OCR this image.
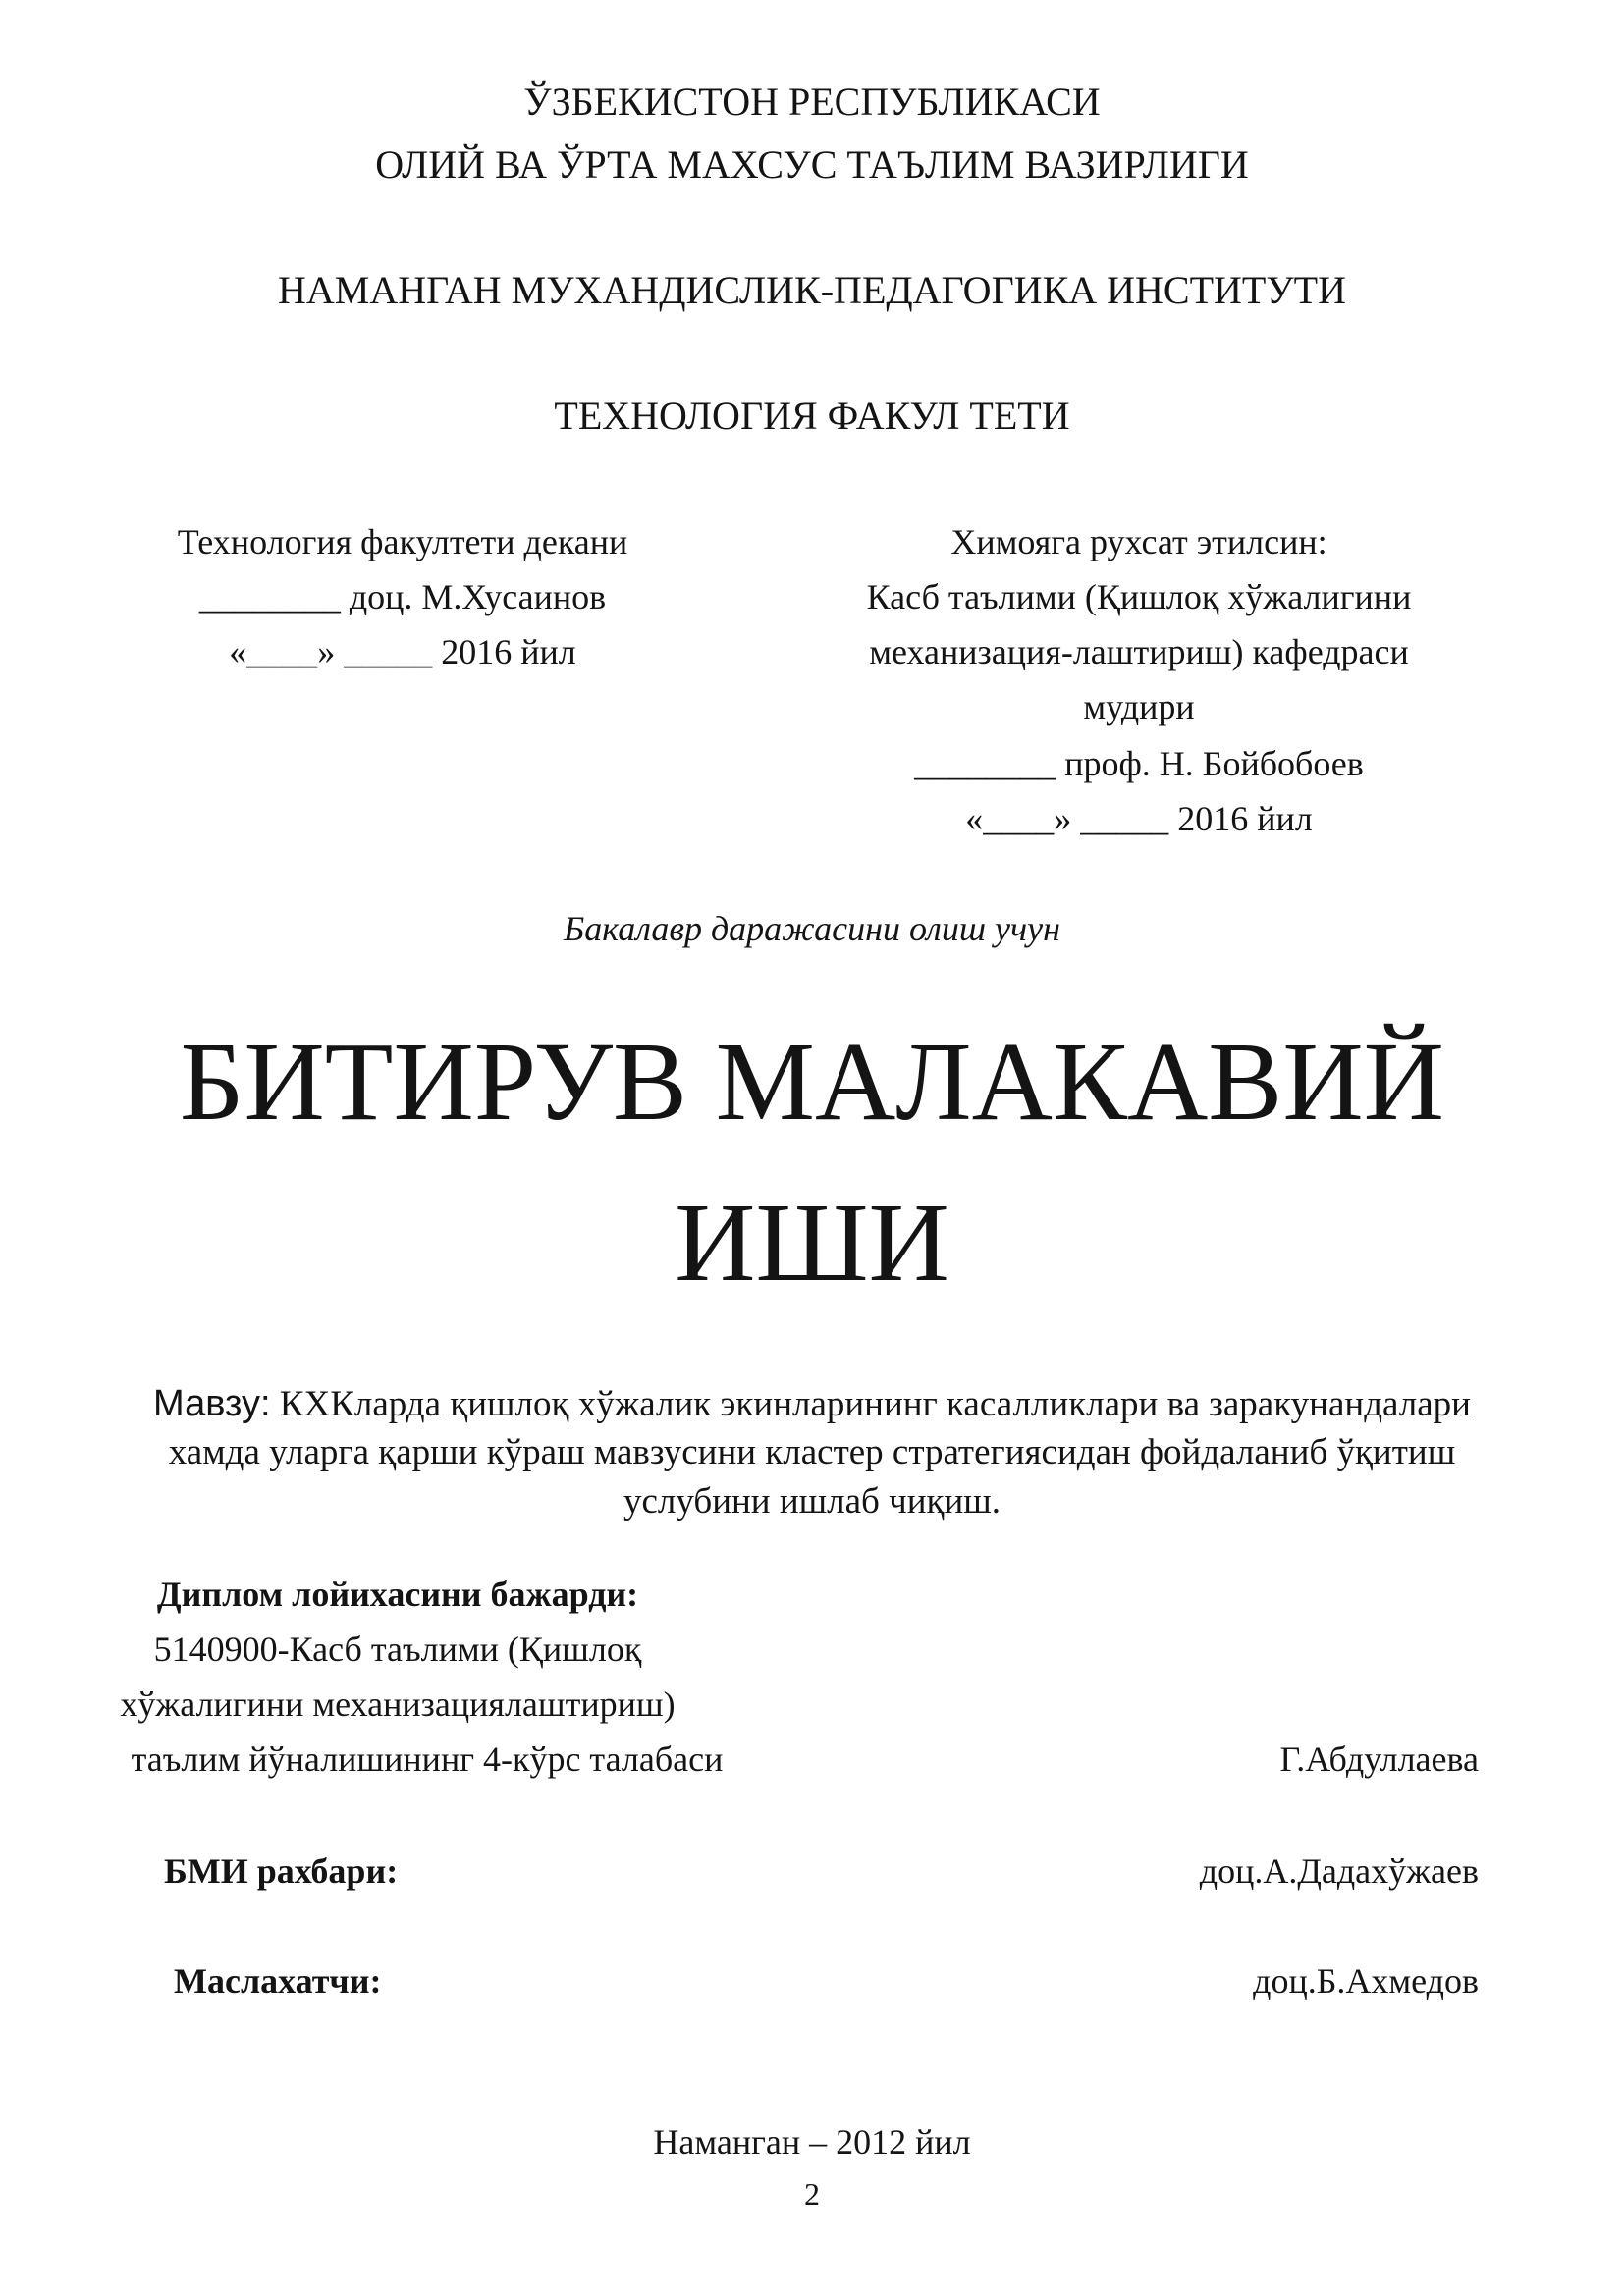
ЎЗБЕКИСТОН РЕСПУБЛИКАСИ
ОЛИЙ ВА ЎРТА МАХСУС ТАЪЛИМ ВАЗИРЛИГИ
НАМАНГАН МУХАНДИСЛИК-ПЕДАГОГИКА ИНСТИТУТИ
ТЕХНОЛОГИЯ ФАКУЛ ТЕТИ
Технология факултети декани
________ доц. М.Хусаинов
«____» _____ 2016 йил
Химояга рухсат этилсин:
Касб таълими (Қишлоқ хўжалигини
механизация-лаштириш) кафедраси
мудири
________ проф. Н. Бойбобоев
«____» _____ 2016 йил
Бакалавр даражасини олиш учун
БИТИРУВ МАЛАКАВИЙ
ИШИ
Мавзу: КХКларда қишлоқ хўжалик экинларининг касалликлари ва заракунандалари
хамда уларга қарши кўраш мавзусини кластер стратегиясидан фойдаланиб ўқитиш
услубини ишлаб чиқиш.
Диплом лойихасини бажарди:
5140900-Касб таълими (Қишлоқ
хўжалигини механизациялаштириш)
таълим йўналишининг 4-кўрс талабаси	Г.Абдуллаева
БМИ рахбари:	доц.А.Дадахўжаев
Маслахатчи:	доц.Б.Ахмедов
Наманган – 2012 йил
2
